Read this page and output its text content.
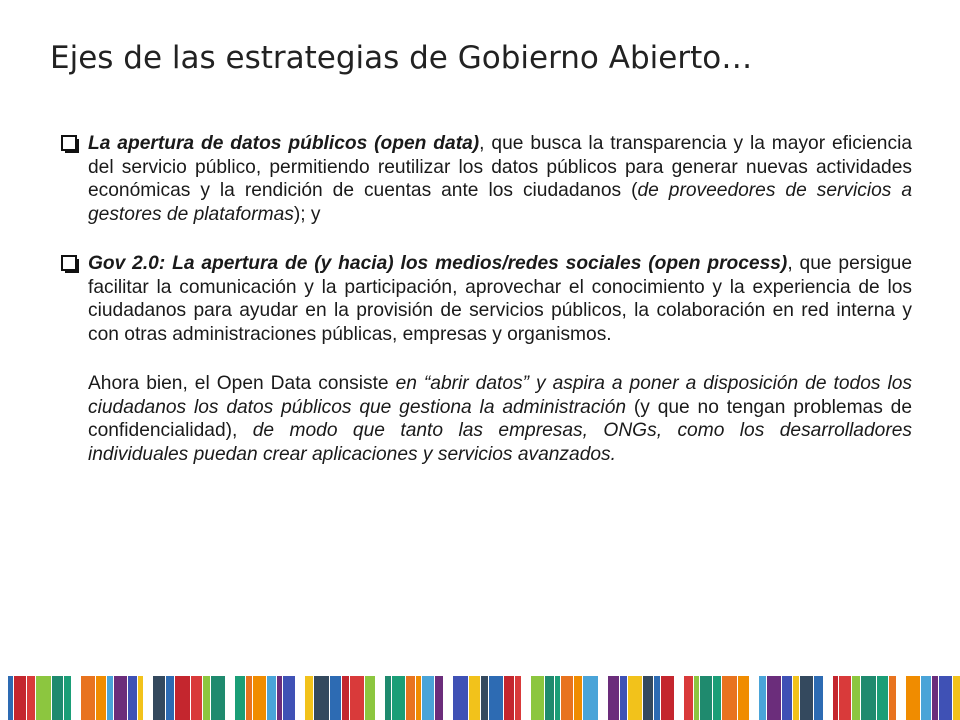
Ejes de las estrategias de Gobierno Abierto…
La apertura de datos públicos (open data), que busca la transparencia y la mayor eficiencia del servicio público, permitiendo reutilizar los datos públicos para generar nuevas actividades económicas y la rendición de cuentas ante los ciudadanos (de proveedores de servicios a gestores de plataformas); y
Gov 2.0: La apertura de (y hacia) los medios/redes sociales (open process), que persigue facilitar la comunicación y la participación, aprovechar el conocimiento y la experiencia de los ciudadanos para ayudar en la provisión de servicios públicos, la colaboración en red interna y con otras administraciones públicas, empresas y organismos.
Ahora bien, el Open Data consiste en “abrir datos” y aspira a poner a disposición de todos los ciudadanos los datos públicos que gestiona la administración (y que no tengan problemas de confidencialidad), de modo que tanto las empresas, ONGs, como los desarrolladores individuales puedan crear aplicaciones y servicios avanzados.
